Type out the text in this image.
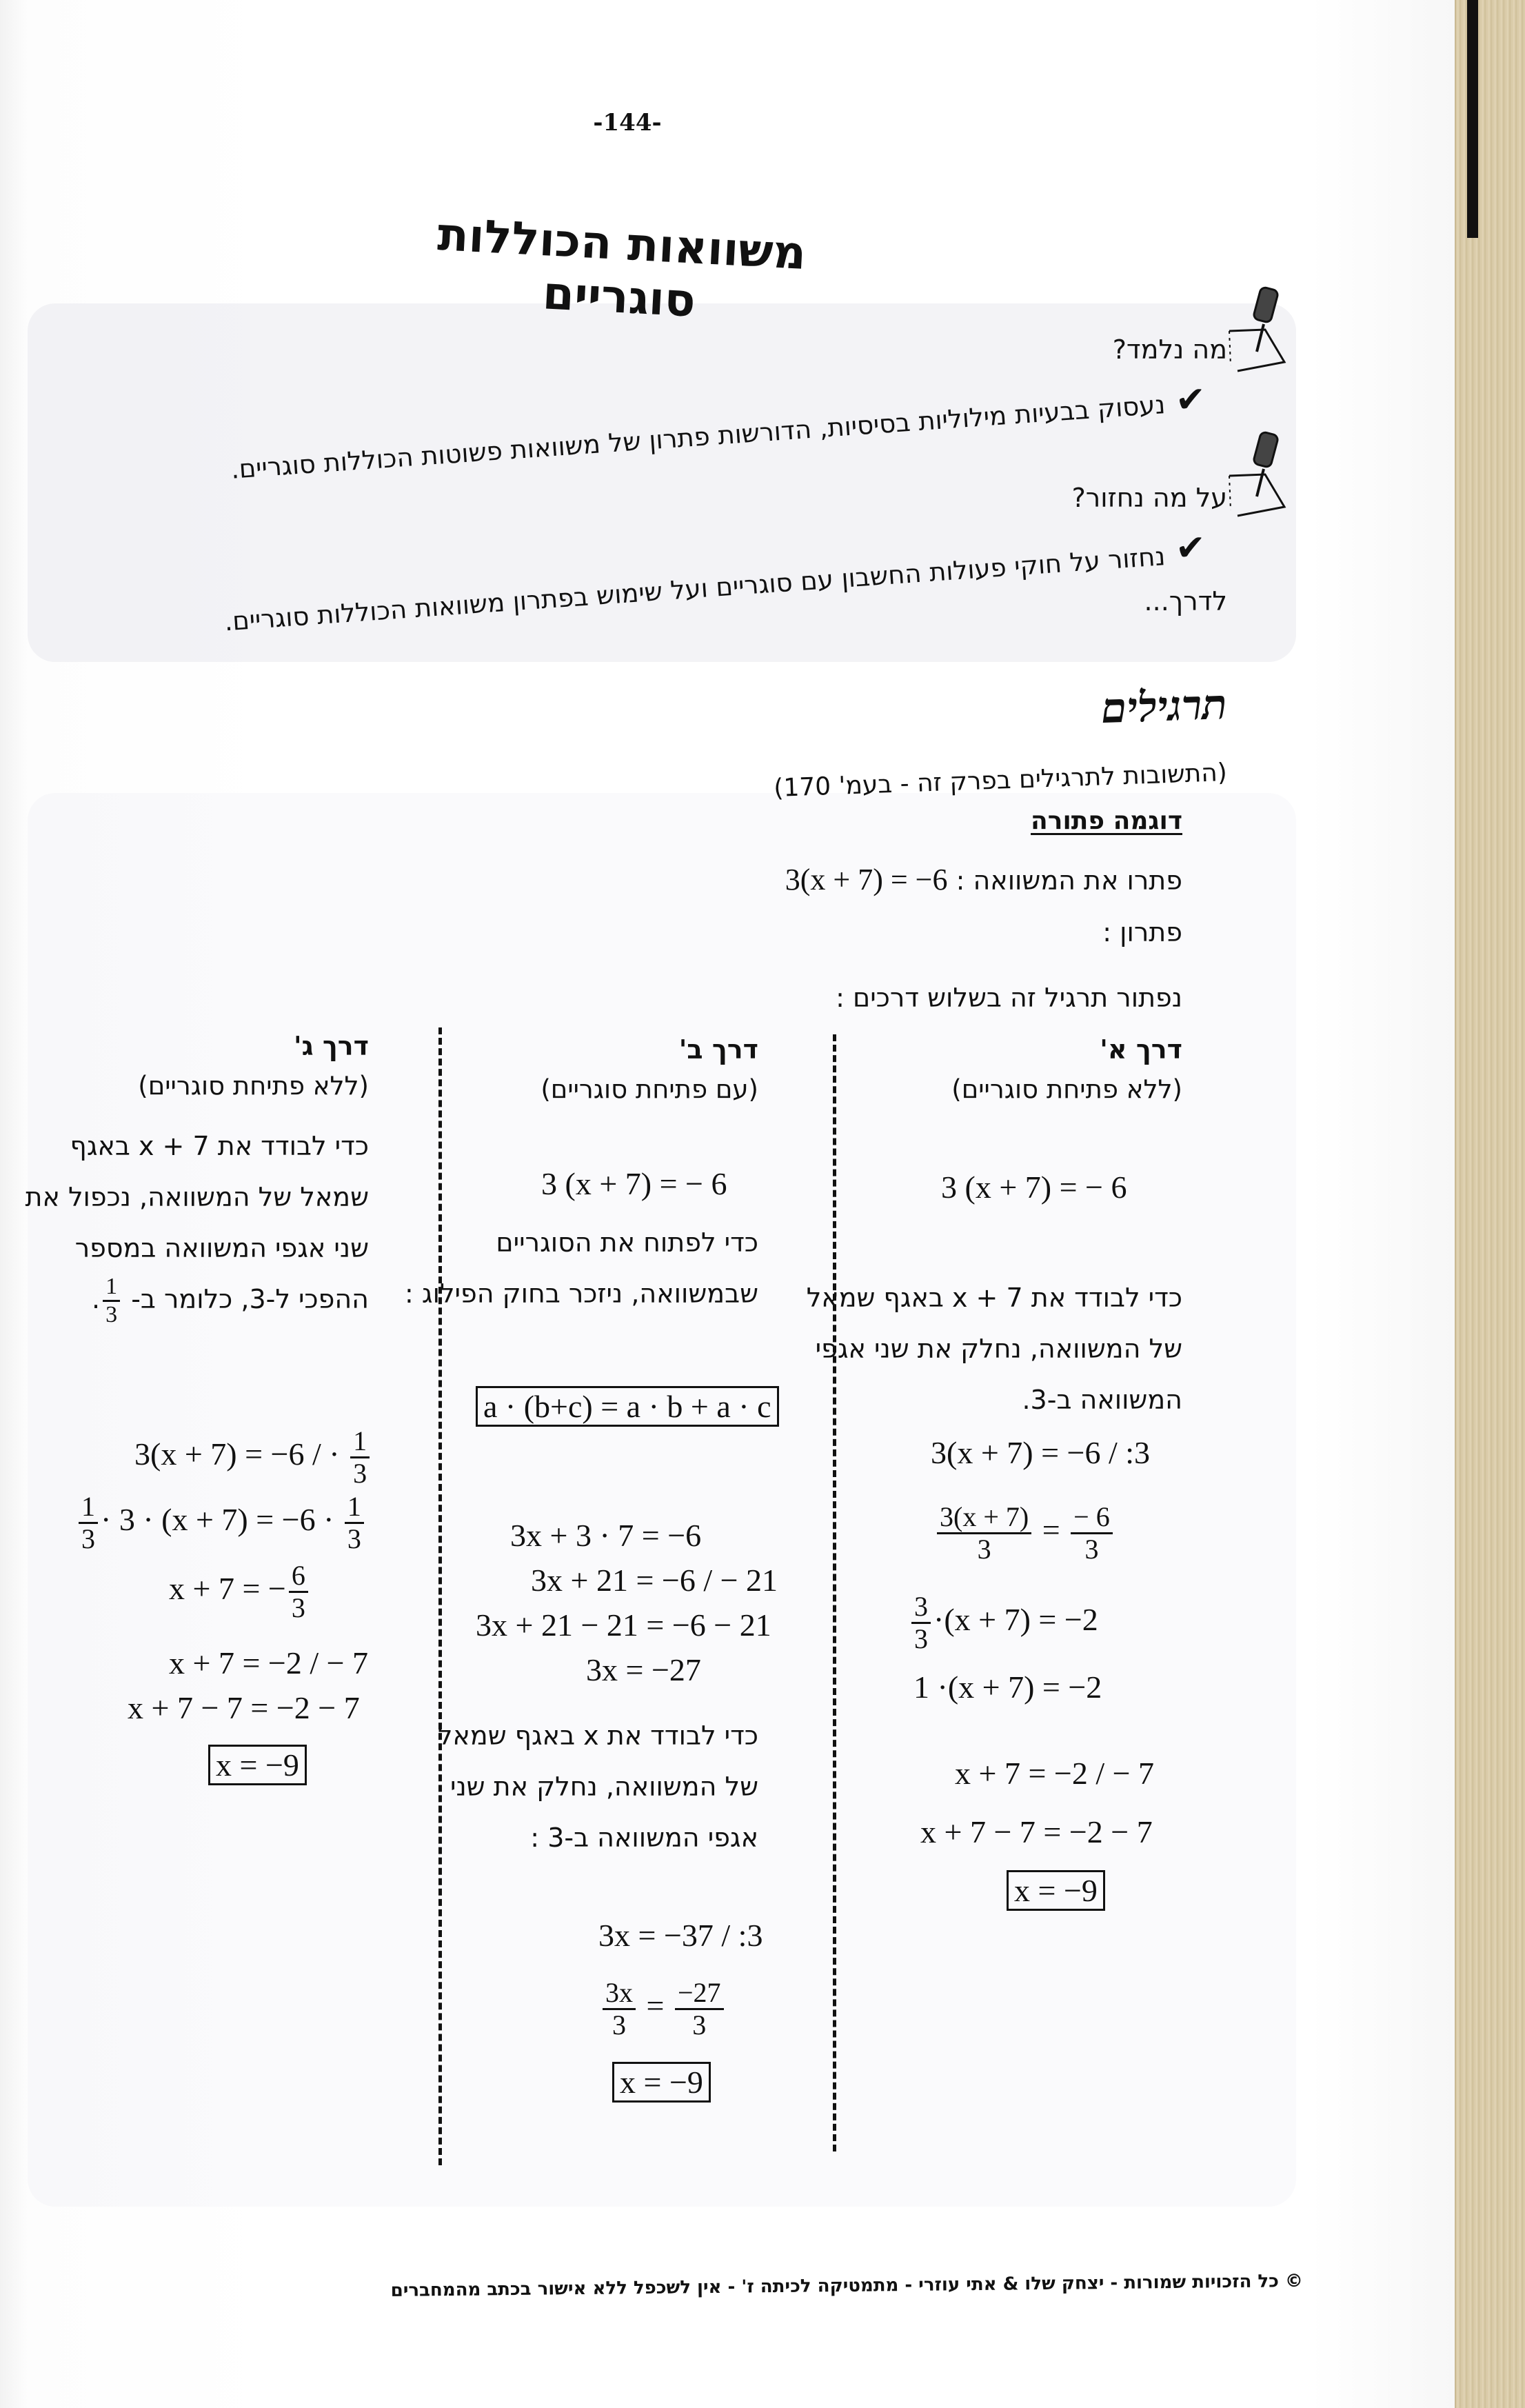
-144-
משוואות הכוללות סוגריים
מה נלמד?
✔
נעסוק בבעיות מילוליות בסיסיות, הדורשות פתרון של משוואות פשוטות הכוללות סוגריים.
על מה נחזור?
✔
נחזור על חוקי פעולות החשבון עם סוגריים ועל שימוש בפתרון משוואות הכוללות סוגריים.
לדרך...
תרגילים
(התשובות לתרגילים בפרק זה - בעמ' 170)
דוגמה פתורה
פתרו את המשוואה : 3(x + 7) = −6
פתרון :
נפתור תרגיל זה בשלוש דרכים :
דרך א'
(ללא פתיחת סוגריים)
3 (x + 7) = − 6
כדי לבודד את x + 7 באגף שמאל של המשוואה, נחלק את שני אגפי המשוואה ב-3.
3(x + 7) = −6 / :3
$\frac{3(x + 7)}{3} = \frac{- 6}{3}$
$\frac{3}{3} \cdot(x + 7) = -2$
1 ·(x + 7) = −2
x + 7 = −2 / − 7
x + 7 − 7 = −2 − 7
x = −9
דרך ב'
(עם פתיחת סוגריים)
3 (x + 7) = − 6
כדי לפתוח את הסוגריים שבמשוואה, ניזכר בחוק הפילוג :
a · (b+c) = a · b + a · c
3x + 3 · 7 = −6
3x + 21 = −6 / − 21
3x + 21 − 21 = −6 − 21
3x = −27
כדי לבודד את x באגף שמאל של המשוואה, נחלק את שני אגפי המשוואה ב-3 :
3x = −37 / :3
$\frac{3x}{3} = \frac{-27}{3}$
x = −9
דרך ג'
(ללא פתיחת סוגריים)
כדי לבודד את x + 7 באגף שמאל של המשוואה, נכפול את שני אגפי המשוואה במספר ההפכי ל-3, כלומר ב-
$\frac{1}{3}$
.
3(x + 7) = −6 / · $\frac{1}{3}$
$\frac{1}{3} \cdot 3 \cdot (x + 7) = -6 \cdot \frac{1}{3}$
x + 7 = − $\frac{6}{3}$
x + 7 = −2 / − 7
x + 7 − 7 = −2 − 7
x = −9
© כל הזכויות שמורות - יצחק שלו & אתי עוזרי - מתמטיקה לכיתה ז' - אין לשכפל ללא אישור בכתב מהמחברים
